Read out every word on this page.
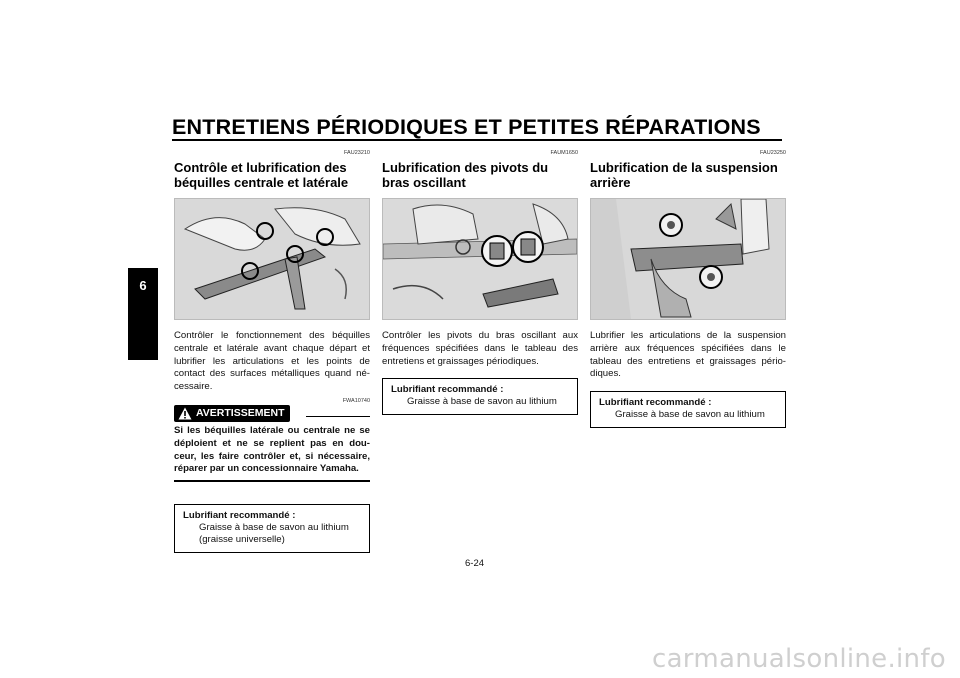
ENTRETIENS PÉRIODIQUES ET PETITES RÉPARATIONS
6
FAU23210
Contrôle et lubrification des béquilles centrale et latérale

Contrôler le fonctionnement des béquilles centrale et latérale avant chaque départ et lubrifier les articulations et les points de contact des surfaces métalliques quand né-cessaire.

FWA10740
AVERTISSEMENT

Si les béquilles latérale ou centrale ne se déploient et ne se replient pas en dou-ceur, les faire contrôler et, si nécessaire, réparer par un concessionnaire Yamaha.

Lubrifiant recommandé :
Graisse à base de savon au lithium
(graisse universelle)
FAUM1650
Lubrification des pivots du bras oscillant

Contrôler les pivots du bras oscillant aux fréquences spécifiées dans le tableau des entretiens et graissages périodiques.

Lubrifiant recommandé :
Graisse à base de savon au lithium
FAU23250
Lubrification de la suspension arrière

Lubrifier les articulations de la suspension arrière aux fréquences spécifiées dans le tableau des entretiens et graissages pério-diques.

Lubrifiant recommandé :
Graisse à base de savon au lithium
6-24
carmanualsonline.info
